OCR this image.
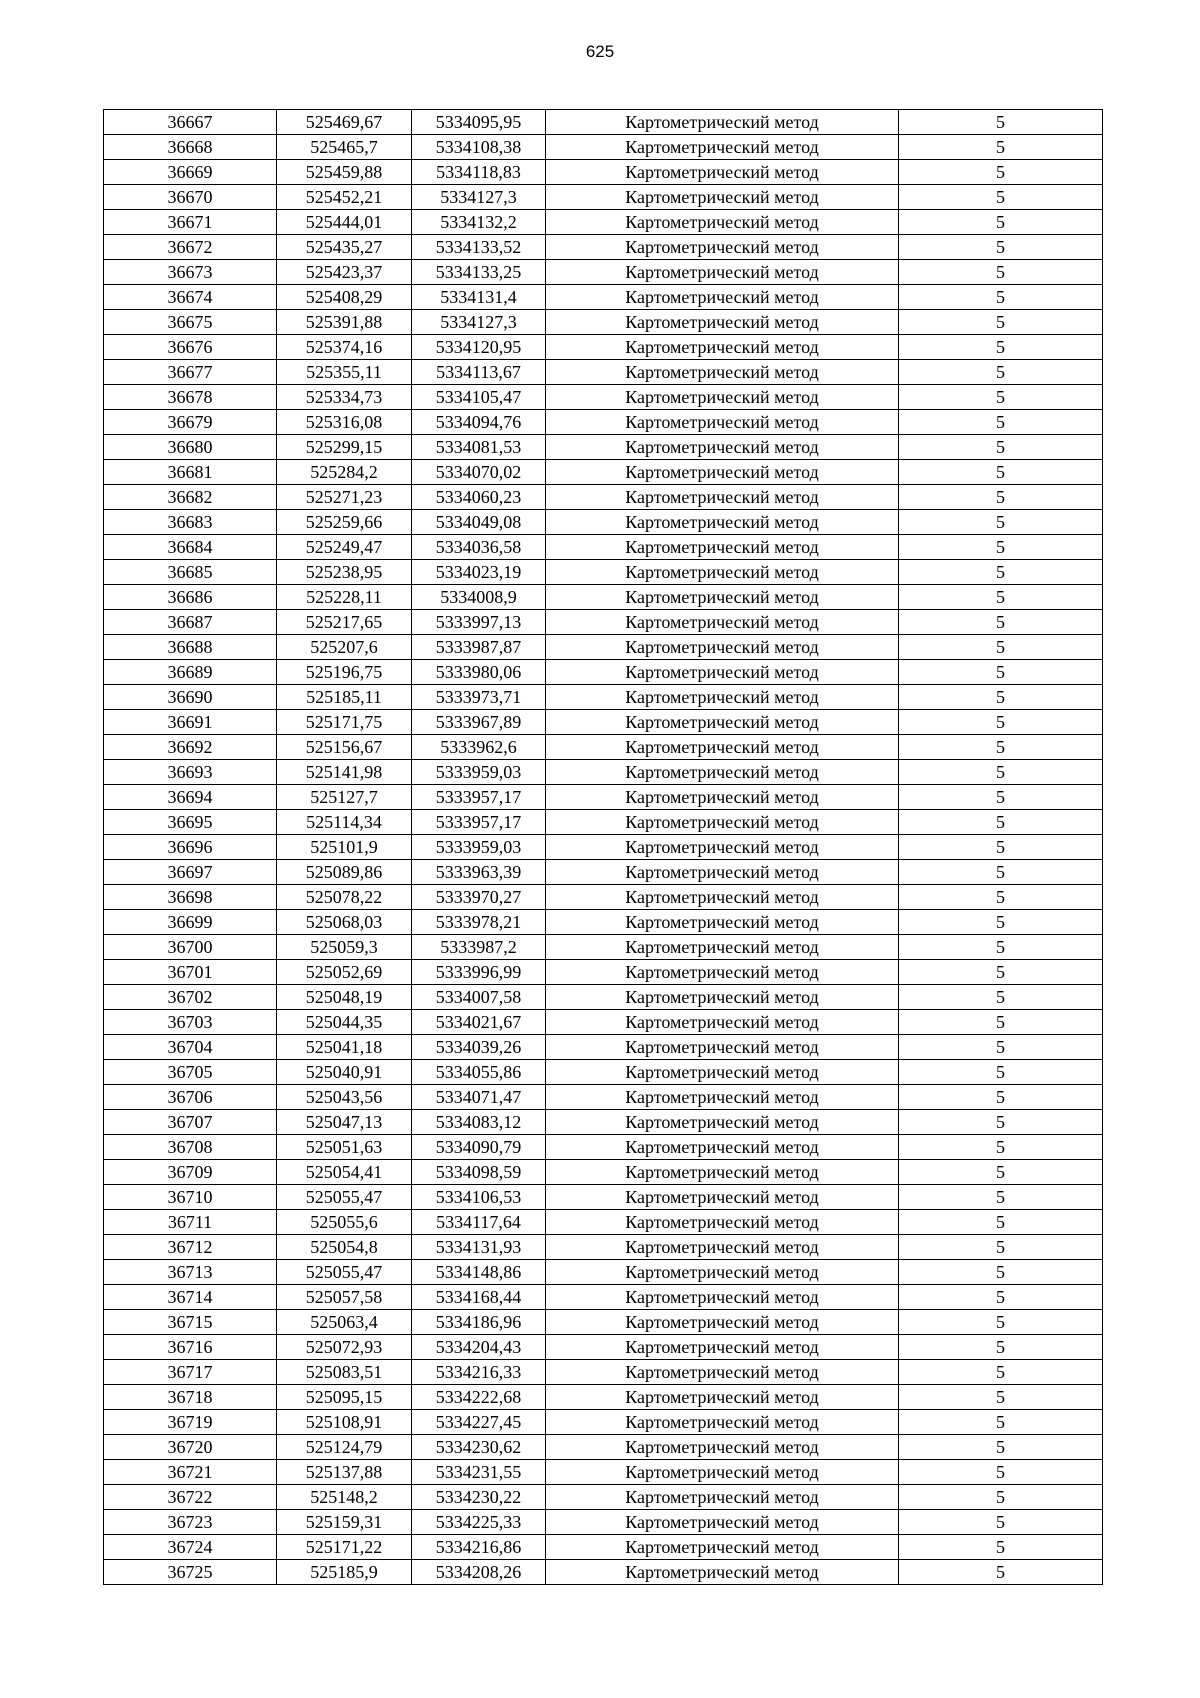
625
36667	525469,67	5334095,95	Картометрический метод	5
36668	525465,7	5334108,38	Картометрический метод	5
36669	525459,88	5334118,83	Картометрический метод	5
36670	525452,21	5334127,3	Картометрический метод	5
36671	525444,01	5334132,2	Картометрический метод	5
36672	525435,27	5334133,52	Картометрический метод	5
36673	525423,37	5334133,25	Картометрический метод	5
36674	525408,29	5334131,4	Картометрический метод	5
36675	525391,88	5334127,3	Картометрический метод	5
36676	525374,16	5334120,95	Картометрический метод	5
36677	525355,11	5334113,67	Картометрический метод	5
36678	525334,73	5334105,47	Картометрический метод	5
36679	525316,08	5334094,76	Картометрический метод	5
36680	525299,15	5334081,53	Картометрический метод	5
36681	525284,2	5334070,02	Картометрический метод	5
36682	525271,23	5334060,23	Картометрический метод	5
36683	525259,66	5334049,08	Картометрический метод	5
36684	525249,47	5334036,58	Картометрический метод	5
36685	525238,95	5334023,19	Картометрический метод	5
36686	525228,11	5334008,9	Картометрический метод	5
36687	525217,65	5333997,13	Картометрический метод	5
36688	525207,6	5333987,87	Картометрический метод	5
36689	525196,75	5333980,06	Картометрический метод	5
36690	525185,11	5333973,71	Картометрический метод	5
36691	525171,75	5333967,89	Картометрический метод	5
36692	525156,67	5333962,6	Картометрический метод	5
36693	525141,98	5333959,03	Картометрический метод	5
36694	525127,7	5333957,17	Картометрический метод	5
36695	525114,34	5333957,17	Картометрический метод	5
36696	525101,9	5333959,03	Картометрический метод	5
36697	525089,86	5333963,39	Картометрический метод	5
36698	525078,22	5333970,27	Картометрический метод	5
36699	525068,03	5333978,21	Картометрический метод	5
36700	525059,3	5333987,2	Картометрический метод	5
36701	525052,69	5333996,99	Картометрический метод	5
36702	525048,19	5334007,58	Картометрический метод	5
36703	525044,35	5334021,67	Картометрический метод	5
36704	525041,18	5334039,26	Картометрический метод	5
36705	525040,91	5334055,86	Картометрический метод	5
36706	525043,56	5334071,47	Картометрический метод	5
36707	525047,13	5334083,12	Картометрический метод	5
36708	525051,63	5334090,79	Картометрический метод	5
36709	525054,41	5334098,59	Картометрический метод	5
36710	525055,47	5334106,53	Картометрический метод	5
36711	525055,6	5334117,64	Картометрический метод	5
36712	525054,8	5334131,93	Картометрический метод	5
36713	525055,47	5334148,86	Картометрический метод	5
36714	525057,58	5334168,44	Картометрический метод	5
36715	525063,4	5334186,96	Картометрический метод	5
36716	525072,93	5334204,43	Картометрический метод	5
36717	525083,51	5334216,33	Картометрический метод	5
36718	525095,15	5334222,68	Картометрический метод	5
36719	525108,91	5334227,45	Картометрический метод	5
36720	525124,79	5334230,62	Картометрический метод	5
36721	525137,88	5334231,55	Картометрический метод	5
36722	525148,2	5334230,22	Картометрический метод	5
36723	525159,31	5334225,33	Картометрический метод	5
36724	525171,22	5334216,86	Картометрический метод	5
36725	525185,9	5334208,26	Картометрический метод	5
